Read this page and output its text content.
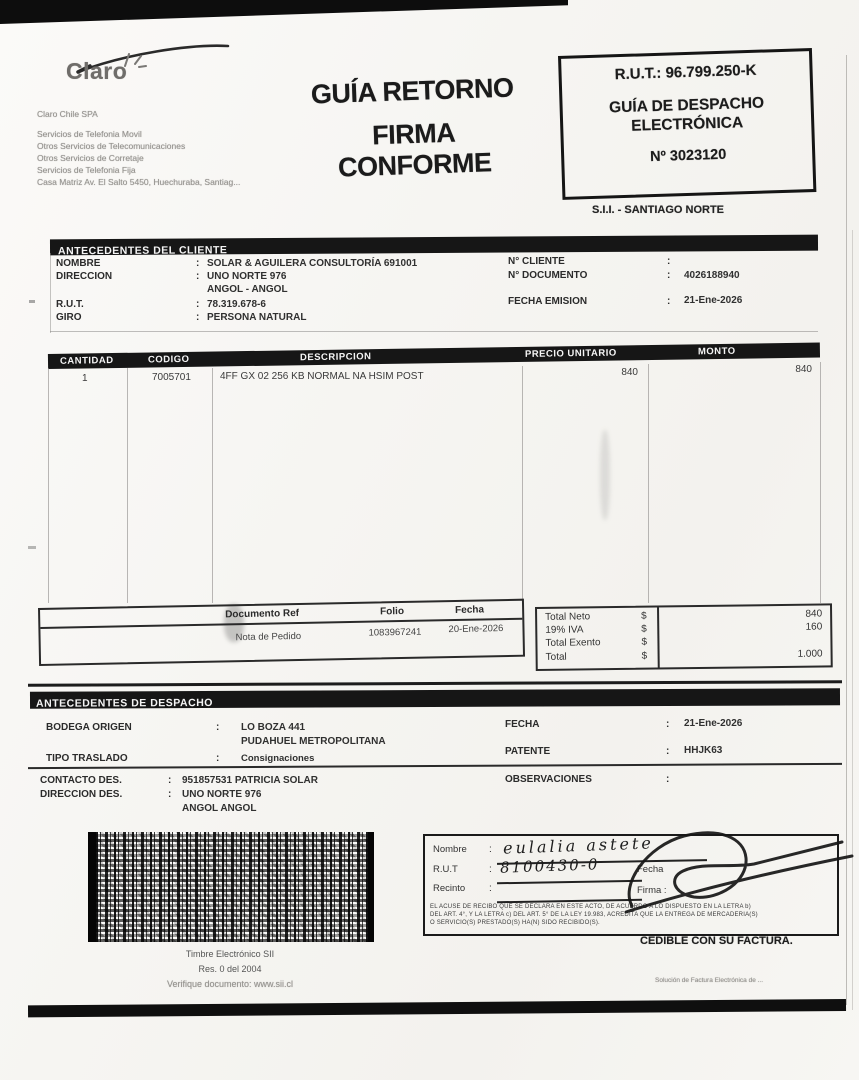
Claro
Claro Chile SPA
Servicios de Telefonia Movil
Otros Servicios de Telecomunicaciones
Otros Servicios de Corretaje
Servicios de Telefonia Fija
Casa Matriz Av. El Salto 5450, Huechuraba, Santiag...
GUÍA RETORNO
FIRMA CONFORME
R.U.T.: 96.799.250-K
GUÍA DE DESPACHO
ELECTRÓNICA
Nº 3023120
S.I.I. - SANTIAGO NORTE
ANTECEDENTES DEL CLIENTE
NOMBRE	: SOLAR & AGUILERA CONSULTORÍA 691001
DIRECCION	: UNO NORTE 976
ANGOL - ANGOL
R.U.T.	: 78.319.678-6
GIRO	: PERSONA NATURAL
N° CLIENTE	:
N° DOCUMENTO	: 4026188940
FECHA EMISION	: 21-Ene-2026
CANTIDAD	CODIGO	DESCRIPCION	PRECIO UNITARIO	MONTO
1	7005701	4FF GX 02 256 KB NORMAL NA HSIM POST	840	840
Documento Ref	Folio	Fecha
Nota de Pedido	1083967241	20-Ene-2026
Total Neto	$	840
19% IVA	$	160
Total Exento	$
Total	$	1.000
ANTECEDENTES DE DESPACHO
BODEGA ORIGEN	: LO BOZA 441
PUDAHUEL METROPOLITANA
TIPO TRASLADO	: Consignaciones
FECHA	: 21-Ene-2026
PATENTE	: HHJK63
CONTACTO DES.	: 951857531 PATRICIA SOLAR
DIRECCION DES.	: UNO NORTE 976
ANGOL ANGOL
OBSERVACIONES	:
Timbre Electrónico SII
Res. 0 del 2004
Verifique documento: www.sii.cl
Nombre : eulalia astete
R.U.T	: 8100430-0	Fecha
Recinto :	Firma :
EL ACUSE DE RECIBO QUE SE DECLARA EN ESTE ACTO, DE ACUERDO A LO DISPUESTO EN LA LETRA b) DEL ART. 4°, Y LA LETRA c) DEL ART. 5° DE LA LEY 19.983, ACREDITA QUE LA ENTREGA DE MERCADERIA(S) O SERVICIO(S) PRESTADO(S) HA(N) SIDO RECIBIDO(S).
CEDIBLE CON SU FACTURA.
Solución de Factura Electrónica de ...
